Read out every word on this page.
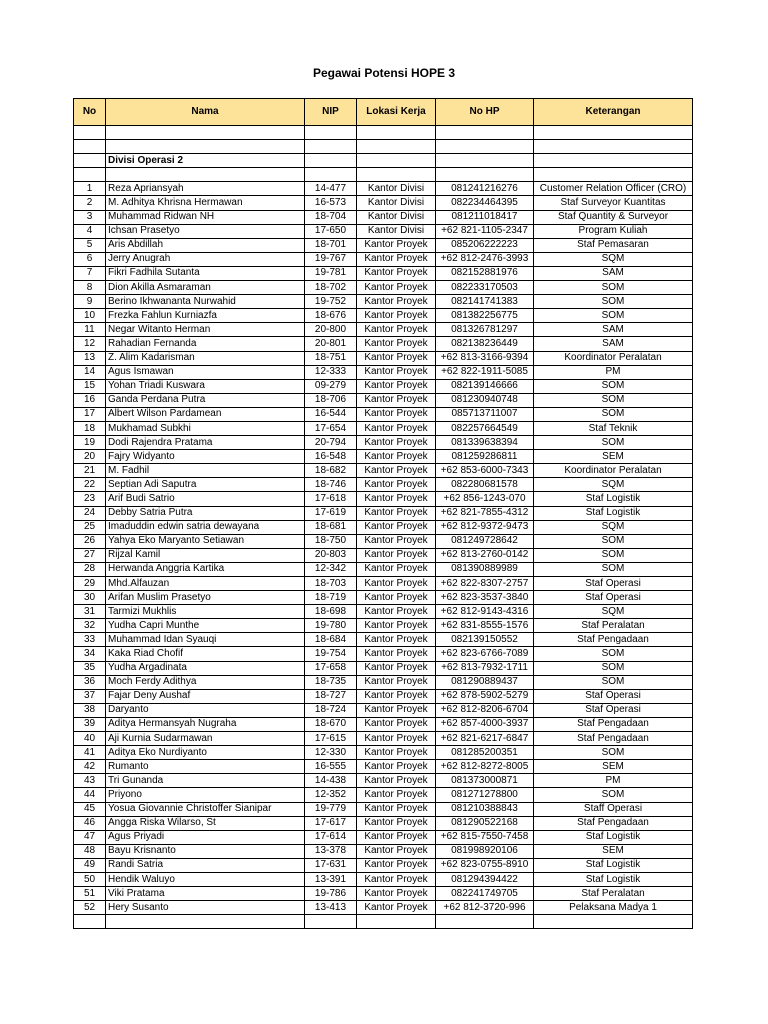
Pegawai Potensi HOPE 3
No	Nama	NIP	Lokasi Kerja	No HP	Keterangan

	Divisi Operasi 2				

1	Reza Apriansyah	14-477	Kantor Divisi	081241216276	Customer Relation Officer (CRO)
2	M. Adhitya Khrisna Hermawan	16-573	Kantor Divisi	082234464395	Staf Surveyor Kuantitas
3	Muhammad Ridwan NH	18-704	Kantor Divisi	081211018417	Staf Quantity & Surveyor
4	Ichsan Prasetyo	17-650	Kantor Divisi	+62 821-1105-2347	Program Kuliah
5	Aris Abdillah	18-701	Kantor Proyek	085206222223	Staf Pemasaran
6	Jerry Anugrah	19-767	Kantor Proyek	+62 812-2476-3993	SQM
7	Fikri Fadhila Sutanta	19-781	Kantor Proyek	082152881976	SAM
8	Dion Akilla Asmaraman	18-702	Kantor Proyek	082233170503	SOM
9	Berino Ikhwananta Nurwahid	19-752	Kantor Proyek	082141741383	SOM
10	Frezka Fahlun Kurniazfa	18-676	Kantor Proyek	081382256775	SOM
11	Negar Witanto Herman	20-800	Kantor Proyek	081326781297	SAM
12	Rahadian Fernanda	20-801	Kantor Proyek	082138236449	SAM
13	Z. Alim Kadarisman	18-751	Kantor Proyek	+62 813-3166-9394	Koordinator Peralatan
14	Agus Ismawan	12-333	Kantor Proyek	+62 822-1911-5085	PM
15	Yohan Triadi Kuswara	09-279	Kantor Proyek	082139146666	SOM
16	Ganda Perdana Putra	18-706	Kantor Proyek	081230940748	SOM
17	Albert Wilson Pardamean	16-544	Kantor Proyek	085713711007	SOM
18	Mukhamad Subkhi	17-654	Kantor Proyek	082257664549	Staf Teknik
19	Dodi Rajendra Pratama	20-794	Kantor Proyek	081339638394	SOM
20	Fajry Widyanto	16-548	Kantor Proyek	081259286811	SEM
21	M. Fadhil	18-682	Kantor Proyek	+62 853-6000-7343	Koordinator Peralatan
22	Septian Adi Saputra	18-746	Kantor Proyek	082280681578	SQM
23	Arif Budi Satrio	17-618	Kantor Proyek	+62 856-1243-070	Staf Logistik
24	Debby Satria Putra	17-619	Kantor Proyek	+62 821-7855-4312	Staf Logistik
25	Imaduddin edwin satria dewayana	18-681	Kantor Proyek	+62 812-9372-9473	SQM
26	Yahya Eko Maryanto Setiawan	18-750	Kantor Proyek	081249728642	SOM
27	Rijzal Kamil	20-803	Kantor Proyek	+62 813-2760-0142	SOM
28	Herwanda Anggria Kartika	12-342	Kantor Proyek	081390889989	SOM
29	Mhd.Alfauzan	18-703	Kantor Proyek	+62 822-8307-2757	Staf Operasi
30	Arifan Muslim Prasetyo	18-719	Kantor Proyek	+62 823-3537-3840	Staf Operasi
31	Tarmizi Mukhlis	18-698	Kantor Proyek	+62 812-9143-4316	SQM
32	Yudha Capri Munthe	19-780	Kantor Proyek	+62 831-8555-1576	Staf Peralatan
33	Muhammad Idan Syauqi	18-684	Kantor Proyek	082139150552	Staf Pengadaan
34	Kaka Riad Chofif	19-754	Kantor Proyek	+62 823-6766-7089	SOM
35	Yudha Argadinata	17-658	Kantor Proyek	+62 813-7932-1711	SOM
36	Moch Ferdy Adithya	18-735	Kantor Proyek	081290889437	SOM
37	Fajar Deny Aushaf	18-727	Kantor Proyek	+62 878-5902-5279	Staf Operasi
38	Daryanto	18-724	Kantor Proyek	+62 812-8206-6704	Staf Operasi
39	Aditya Hermansyah Nugraha	18-670	Kantor Proyek	+62 857-4000-3937	Staf Pengadaan
40	Aji Kurnia Sudarmawan	17-615	Kantor Proyek	+62 821-6217-6847	Staf Pengadaan
41	Aditya Eko Nurdiyanto	12-330	Kantor Proyek	081285200351	SOM
42	Rumanto	16-555	Kantor Proyek	+62 812-8272-8005	SEM
43	Tri Gunanda	14-438	Kantor Proyek	081373000871	PM
44	Priyono	12-352	Kantor Proyek	081271278800	SOM
45	Yosua Giovannie Christoffer Sianipar	19-779	Kantor Proyek	081210388843	Staff Operasi
46	Angga Riska Wilarso, St	17-617	Kantor Proyek	081290522168	Staf Pengadaan
47	Agus Priyadi	17-614	Kantor Proyek	+62 815-7550-7458	Staf Logistik
48	Bayu Krisnanto	13-378	Kantor Proyek	081998920106	SEM
49	Randi Satria	17-631	Kantor Proyek	+62 823-0755-8910	Staf Logistik
50	Hendik Waluyo	13-391	Kantor Proyek	081294394422	Staf Logistik
51	Viki Pratama	19-786	Kantor Proyek	082241749705	Staf Peralatan
52	Hery Susanto	13-413	Kantor Proyek	+62 812-3720-996	Pelaksana Madya 1
